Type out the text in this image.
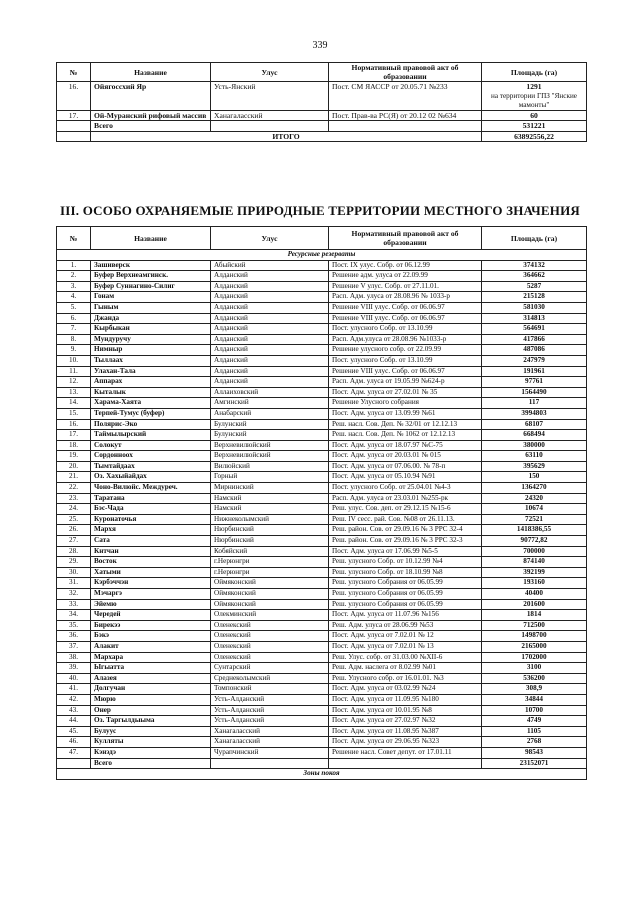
339
№	Название	Улус	Нормативный правовой акт об образовании	Площадь (га)
16.	Ойягоссхий Яр	Усть-Янский	Пост. СМ ЯАССР от 20.05.71 №233	1291
на территории ГПЗ "Янские мамонты"

17.	Ой-Муранский рифовый массив	Ханагаласский	Пост. Прав-ва РС(Я) от 20.12 02 №634	60
	Всего			531221
	ИТОГО			63892556,22
III. ОСОБО ОХРАНЯЕМЫЕ ПРИРОДНЫЕ ТЕРРИТОРИИ МЕСТНОГО ЗНАЧЕНИЯ
№	Название	Улус	Нормативный правовой акт об образовании	Площадь (га)
Ресурсные резерваты				
1.	Зашиверск	Абыйский	Пост. IX улус. Собр. от 06.12.99	374132
2.	Буфер Верхнеамгинск.	Алданский	Решение адм. улуса от 22.09.99	364662
3.	Буфер Суннагино-Силиг	Алданский	Решение V улус. Собр. от 27.11.01.	5287
4.	Гонам	Алданский	Расп. Адм. улуса от 28.08.96 № 1033-р	215128
5.	Гыным	Алданский	Решение VIII улус. Собр. от 06.06.97	581030
6.	Джанда	Алданский	Решение VIII улус. Собр. от 06.06.97	314813
7.	Кырбыкан	Алданский	Пост. улусного Собр. от 13.10.99	564691
8.	Мундуручу	Алданский	Расп. Адм.улуса от 28.08.96 №1033-р	417866
9.	Нимныр	Алданский	Решение улусного собр. от 22.09.99	487086
10.	Тыллаах	Алданский	Пост. улусного Собр. от 13.10.99	247979
11.	Улахан-Тала	Алданский	Решение VIII улус. Собр. от 06.06.97	191961
12.	Аппарах	Алданский	Расп. Адм. улуса от 19.05.99 №624-р	97761
13.	Кыталык	Аллаиховский	Пост. Адм. улуса от 27.02.01 № 35	1564490
14.	Харама-Хаята	Амгинский	Решение Улусного собрания	117
15.	Терпей-Тумус (буфер)	Анабарский	Пост. Адм. улуса от 13.09.99 №61	3994803
16.	Полярис-Эко	Булунский	Реш. насл. Сов. Деп. № 32/01 от 12.12.13	68107
17.	Таймылырский	Булунский	Реш. насл. Сов. Деп. № 1062 от 12.12.13	668494
18.	Солокут	Верхневилюйский	Пост. Адм. улуса от 18.07.97 №С-75	380000
19.	Сордонноох	Верхневилюйский	Пост. Адм. улуса от 20.03.01 № 015	63110
20.	Тымтайдаах	Вилюйский	Пост. Адм. улуса от 07.06.00. № 78-п	395629
21.	Оз. Хахыйайдах	Горный	Пост. Адм. улуса от 05.10.94 №91	150
22.	Чоно-Вилюйс. Междуреч.	Мирнинский	Пост. улусного Собр. от 25.04.01 №4-3	1364270
23.	Таратана	Намский	Расп. Адм. улуса от 23.03.01 №255-рк	24320
24.	Бэс-Чада	Намский	Реш. улус. Сов. деп. от 29.12.15 №15-6	10674
25.	Куронаточья	Нижнеколымский	Реш. IV сесс. рай. Сов. №08 от 26.11.13.	72521
26.	Мархя	Нюрбинский	Реш. район. Сов. от 29.09.16 № 3 РРС 32-4	1418386,55
27.	Сата	Нюрбинский	Реш. район. Сов. от 29.09.16 № 3 РРС 32-3	90772,82
28.	Кнтчан	Кобяйский	Пост. Адм. улуса от 17.06.99 №5-5	700000
29.	Восток	г.Нерюнгри	Реш. улусного Собр. от 10.12.99 №4	874140
30.	Хатыми	г.Нерюнгри	Реш. улусного Собр. от 18.10.99 №8	392199
31.	Кэрбэччэн	Оймяконский	Реш. улусного Собрания от 06.05.99	193160
32.	Мэчаргэ	Оймяконский	Реш. улусного Собрания от 06.05.99	40400
33.	Эйемю	Оймяконский	Реш. улусного Собрания от 06.05.99	201600
34.	Чередей	Олекминский	Пост. Адм. улуса от 11.07.96 №156	1814
35.	Бирекээ	Оленекский	Реш. Адм. улуса от 28.06.99 №53	712500
36.	Бэкэ	Оленекский	Пост. Адм. улуса от 7.02.01 № 12	1498700
37.	Алакит	Оленекский	Пост. Адм. улуса от 7.02.01 № 13	2165000
38.	Мархара	Оленекский	Реш. Улус. собр. от 31.03.00 №XII-6	1702000
39.	Ыгыатта	Сунтарский	Реш. Адм. наслега от 8.02.99 №01	3100
40.	Алазея	Среднеколымский	Реш. Улусного собр. от 16.01.01. №3	536200
41.	Долгучан	Томпонский	Пост. Адм. улуса от 03.02.99 №24	308,9
42.	Мюрю	Усть-Алданский	Пост. Адм. улуса от 11.09.95 №180	34844
43.	Онер	Усть-Алданский	Пост. Адм. улуса от 10.01.95 №8	10700
44.	Оз. Таргылдыыма	Усть-Алданский	Пост. Адм. улуса от 27.02.97 №32	4749
45.	Булуус	Ханагаласский	Пост. Адм. улуса от 11.08.95 №387	1105
46.	Кулляты	Ханагаласский	Пост. Адм. улуса от 29.06.95 №323	2768
47.	Кэнэдэ	Чурапчинский	Решение насл. Совет депут. от 17.01.11	98543
	Всего			23152071
Зоны покоя				
